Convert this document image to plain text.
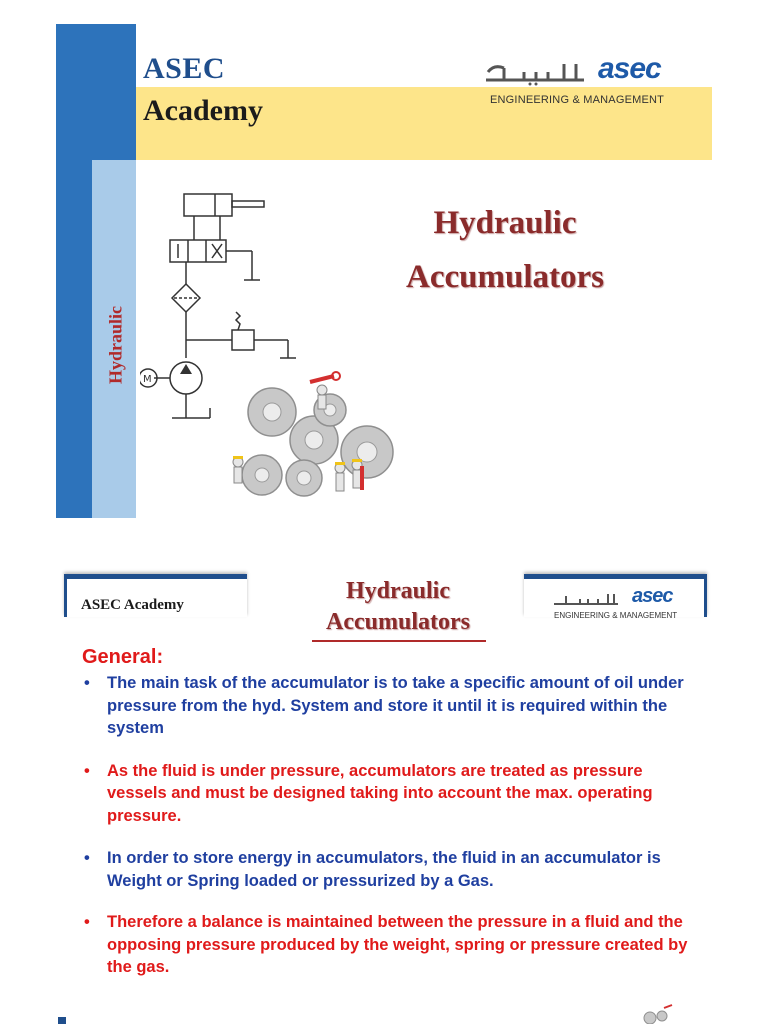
ASEC
Academy
asec
ENGINEERING & MANAGEMENT
Hydraulic M
Hydraulic
Accumulators
ASEC Academy
Hydraulic
Accumulators
asec
ENGINEERING & MANAGEMENT
General:
• The main task of the accumulator is to take a specific amount of oil under pressure from the hyd. System and store it until it is required within the system
• As the fluid is under pressure, accumulators are treated as pressure vessels and must be designed taking into account the max. operating pressure.
• In order to store energy in accumulators, the fluid in an accumulator is Weight or Spring loaded or pressurized by a Gas.
• Therefore a balance is maintained between the pressure in a fluid and the opposing pressure produced by the weight, spring or pressure created by the gas.
